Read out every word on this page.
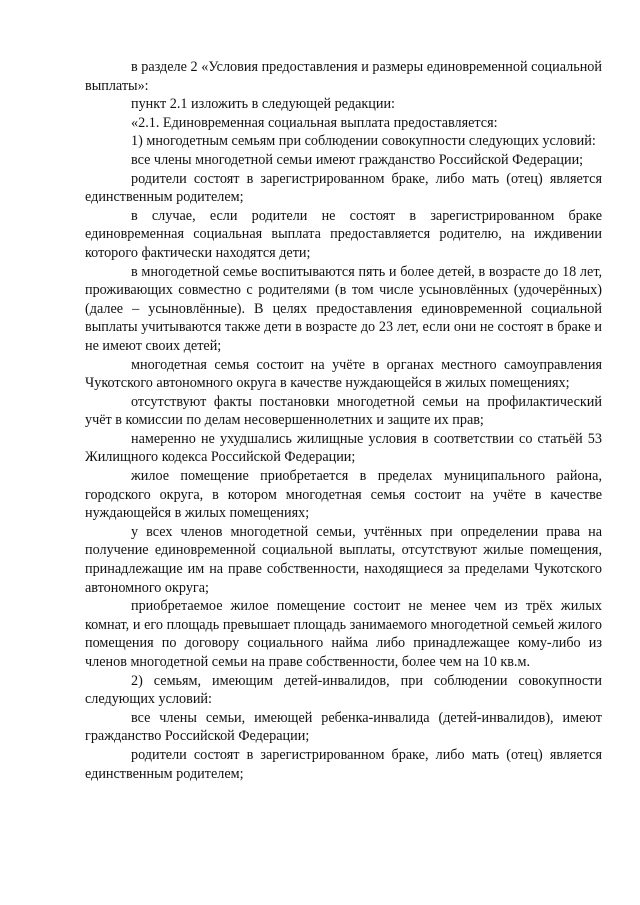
в разделе 2 «Условия предоставления и размеры единовременной социальной выплаты»:

пункт 2.1 изложить в следующей редакции:

«2.1. Единовременная социальная выплата предоставляется:

1) многодетным семьям при соблюдении совокупности следующих условий:

все члены многодетной семьи имеют гражданство Российской Федерации;

родители состоят в зарегистрированном браке, либо мать (отец) является единственным родителем;

в случае, если родители не состоят в зарегистрированном браке единовременная социальная выплата предоставляется родителю, на иждивении которого фактически находятся дети;

в многодетной семье воспитываются пять и более детей, в возрасте до 18 лет, проживающих совместно с родителями (в том числе усыновлённых (удочерённых) (далее – усыновлённые). В целях предоставления единовременной социальной выплаты учитываются также дети в возрасте до 23 лет, если они не состоят в браке и не имеют своих детей;

многодетная семья состоит на учёте в органах местного самоуправления Чукотского автономного округа в качестве нуждающейся в жилых помещениях;

отсутствуют факты постановки многодетной семьи на профилактический учёт в комиссии по делам несовершеннолетних и защите их прав;

намеренно не ухудшались жилищные условия в соответствии со статьёй 53 Жилищного кодекса Российской Федерации;

жилое помещение приобретается в пределах муниципального района, городского округа, в котором многодетная семья состоит на учёте в качестве нуждающейся в жилых помещениях;

у всех членов многодетной семьи, учтённых при определении права на получение единовременной социальной выплаты, отсутствуют жилые помещения, принадлежащие им на праве собственности, находящиеся за пределами Чукотского автономного округа;

приобретаемое жилое помещение состоит не менее чем из трёх жилых комнат, и его площадь превышает площадь занимаемого многодетной семьей жилого помещения по договору социального найма либо принадлежащее кому-либо из членов многодетной семьи на праве собственности, более чем на 10 кв.м.

2) семьям, имеющим детей-инвалидов, при соблюдении совокупности следующих условий:

все члены семьи, имеющей ребенка-инвалида (детей-инвалидов), имеют гражданство Российской Федерации;

родители состоят в зарегистрированном браке, либо мать (отец) является единственным родителем;
